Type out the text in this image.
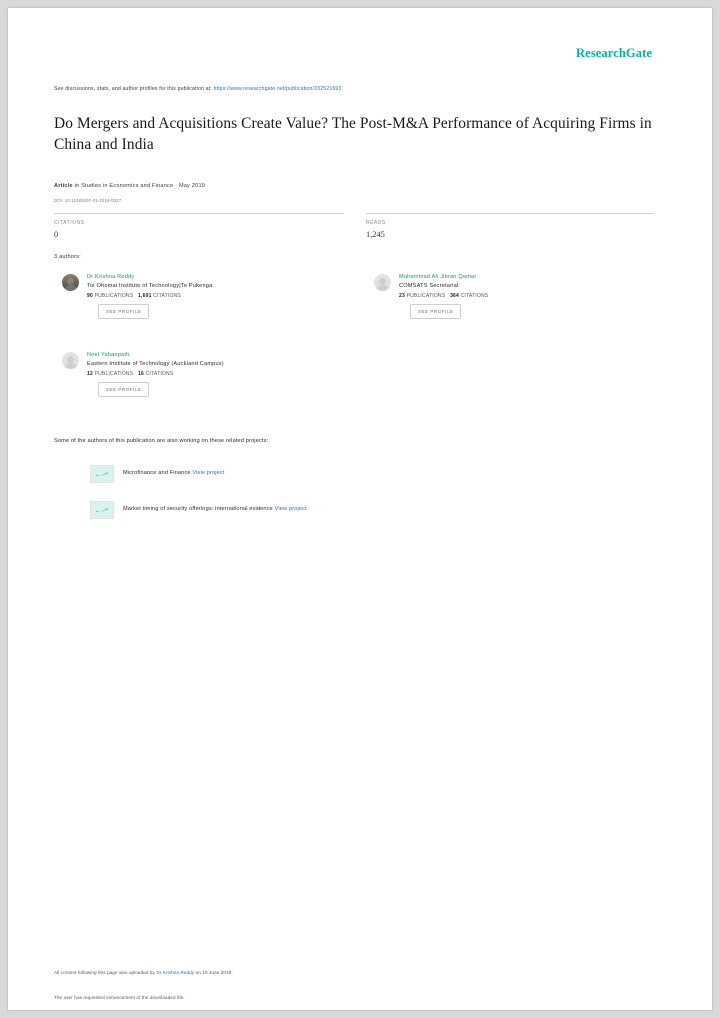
ResearchGate
See discussions, stats, and author profiles for this publication at: https://www.researchgate.net/publication/332521693
Do Mergers and Acquisitions Create Value? The Post-M&A Performance of Acquiring Firms in China and India
Article in Studies in Economics and Finance · May 2019
DOI: 10.1108/SEF-01-2019-0027
CITATIONS
0
READS
1,245
3 authors:
Dr Krishna Reddy
Toi Ohomai Institute of Technology|Te Pukenga
90 PUBLICATIONS 1,691 CITATIONS
SEE PROFILE
Muhammad Ali Jibran Qamar
COMSATS Secretariat
23 PUBLICATIONS 364 CITATIONS
SEE PROFILE
Noel Yahanpath
Eastern Institute of Technology (Auckland Campus)
12 PUBLICATIONS 16 CITATIONS
SEE PROFILE
Some of the authors of this publication are also working on these related projects:
Microfinance and Finance View project
Market timing of security offerings: international evidence View project
All content following this page was uploaded by Dr Krishna Reddy on 19 June 2019.
The user has requested enhancement of the downloaded file.
